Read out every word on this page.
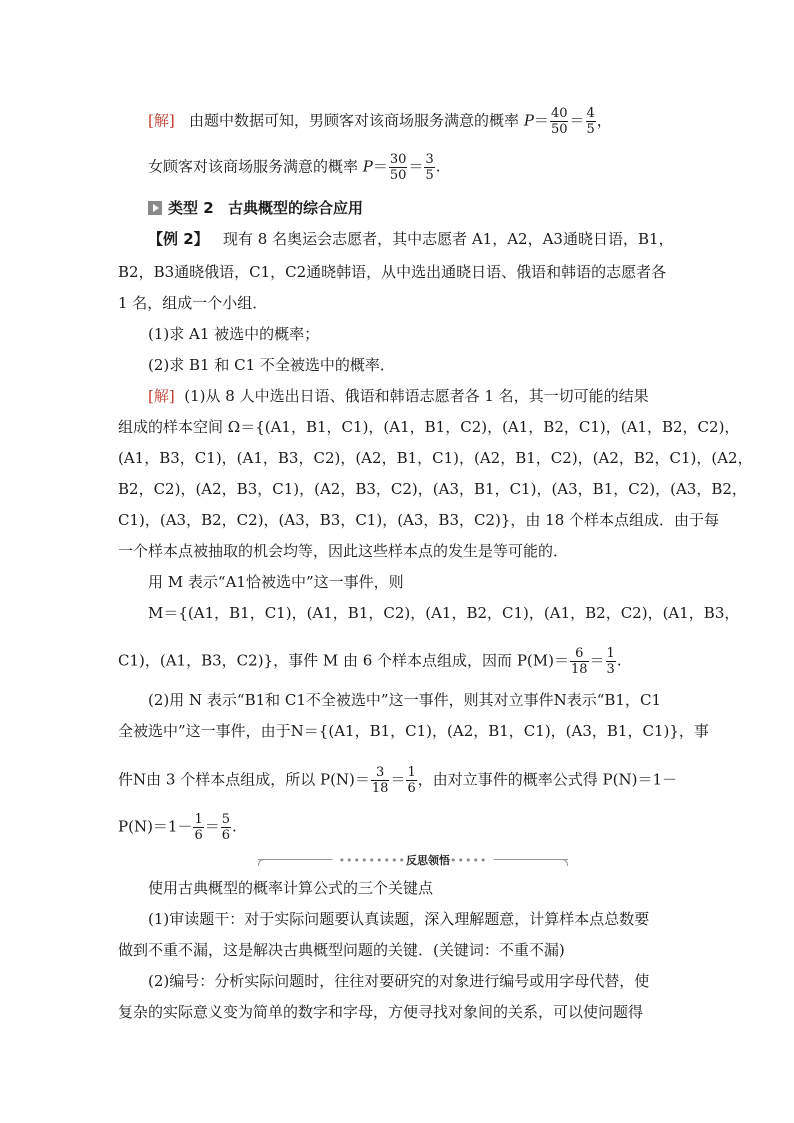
[解] 由题中数据可知，男顾客对该商场服务满意的概率 $P= \frac{40}{50} = \frac{4}{5}$ ，
女顾客对该商场服务满意的概率 $P= \frac{30}{50} = \frac{3}{5}$ .
类型 2 古典概型的综合应用
【例 2】 现有 8 名奥运会志愿者，其中志愿者 A1，A2，A3通晓日语，B1，
B2，B3通晓俄语，C1，C2通晓韩语，从中选出通晓日语、俄语和韩语的志愿者各
1 名，组成一个小组．
(1)求 A1 被选中的概率；
(2)求 B1 和 C1 不全被选中的概率．
[解] (1)从 8 人中选出日语、俄语和韩语志愿者各 1 名，其一切可能的结果
组成的样本空间 Ω＝{(A1，B1，C1)，(A1，B1，C2)，(A1，B2，C1)，(A1，B2，C2)，
(A1，B3，C1)，(A1，B3，C2)，(A2，B1，C1)，(A2，B1，C2)，(A2，B2，C1)，(A2，
B2，C2)，(A2，B3，C1)，(A2，B3，C2)，(A3，B1，C1)，(A3，B1，C2)，(A3，B2，
C1)，(A3，B2，C2)，(A3，B3，C1)，(A3，B3，C2)}，由 18 个样本点组成．由于每
一个样本点被抽取的机会均等，因此这些样本点的发生是等可能的．
用 M 表示“A1恰被选中”这一事件，则
M＝{(A1，B1，C1)，(A1，B1，C2)，(A1，B2，C1)，(A1，B2，C2)，(A1，B3，
C1)，(A1，B3，C2)}，事件 M 由 6 个样本点组成，因而 $P(M)= \frac{6}{18} = \frac{1}{3}$ .
(2)用 N 表示“B1和 C1不全被选中”这一事件，则其对立事件N表示“B1，C1
全被选中”这一事件，由于N＝{(A1，B1，C1)，(A2，B1，C1)，(A3，B1，C1)}，事
件N由 3 个样本点组成，所以 $P(N)= \frac{3}{18} = \frac{1}{6}$ ，由对立事件的概率公式得 P(N)＝1－
$P(N)=1- \frac{1}{6} = \frac{5}{6}$ .
•••••••••反思领悟•••••
使用古典概型的概率计算公式的三个关键点
(1)审读题干：对于实际问题要认真读题，深入理解题意，计算样本点总数要
做到不重不漏，这是解决古典概型问题的关键．(关键词：不重不漏)
(2)编号：分析实际问题时，往往对要研究的对象进行编号或用字母代替，使
复杂的实际意义变为简单的数字和字母，方便寻找对象间的关系，可以使问题得
